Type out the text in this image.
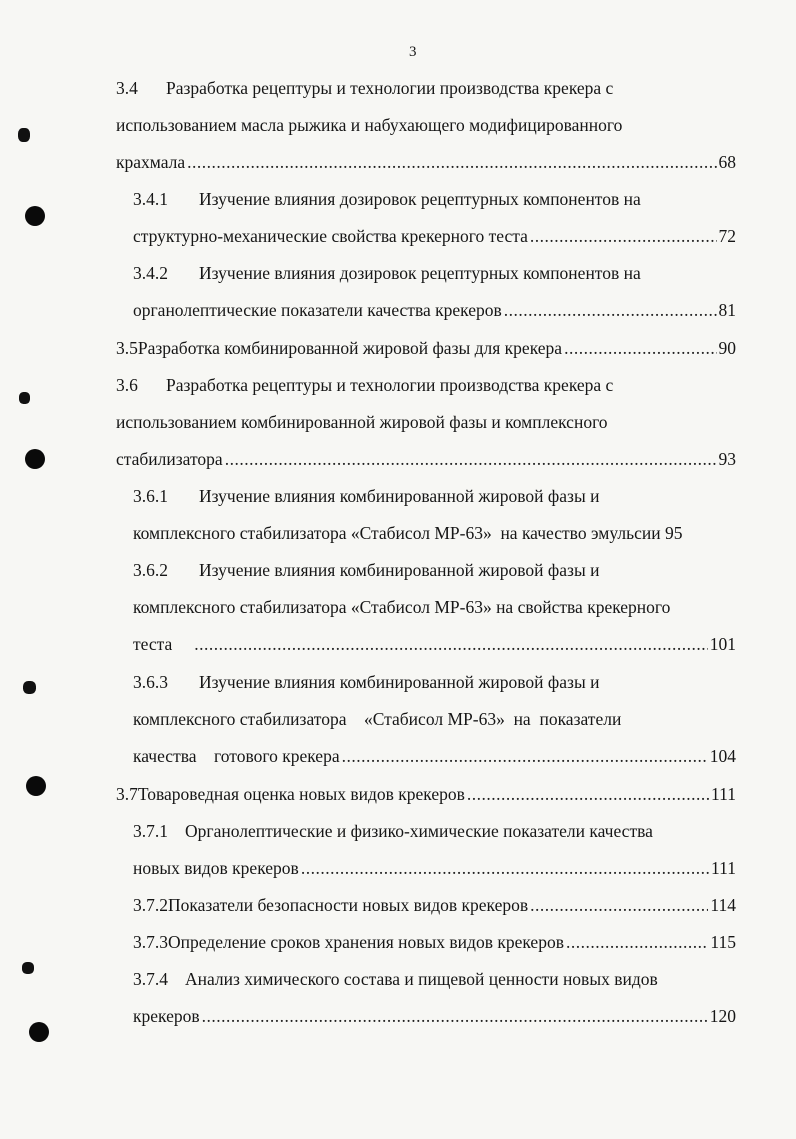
3
3.4 Разработка рецептуры и технологии производства крекера с
использованием масла рыжика и набухающего модифицированного
крахмала .....	68
3.4.1 Изучение влияния дозировок рецептурных компонентов на
структурно-механические свойства крекерного теста .....	72
3.4.2 Изучение влияния дозировок рецептурных компонентов на
органолептические показатели качества крекеров .....	81
3.5 Разработка комбинированной жировой фазы для крекера .....	90
3.6 Разработка рецептуры и технологии производства крекера с
использованием комбинированной жировой фазы и комплексного
стабилизатора .....	93
3.6.1 Изучение влияния комбинированной жировой фазы и
комплексного стабилизатора «Стабисол МР-63»  на качество эмульсии 95
3.6.2 Изучение влияния комбинированной жировой фазы и
комплексного стабилизатора «Стабисол МР-63» на свойства крекерного
теста .....	101
3.6.3 Изучение влияния комбинированной жировой фазы и
комплексного стабилизатора    «Стабисол МР-63»  на  показатели
качества    готового крекера .....	104
3.7 Товароведная оценка новых видов крекеров .....	111
3.7.1 Органолептические и физико-химические показатели качества
новых видов крекеров .....	111
3.7.2 Показатели безопасности новых видов крекеров .....	114
3.7.3 Определение сроков хранения новых видов крекеров .....	115
3.7.4 Анализ химического состава и пищевой ценности новых видов
крекеров .....	120
